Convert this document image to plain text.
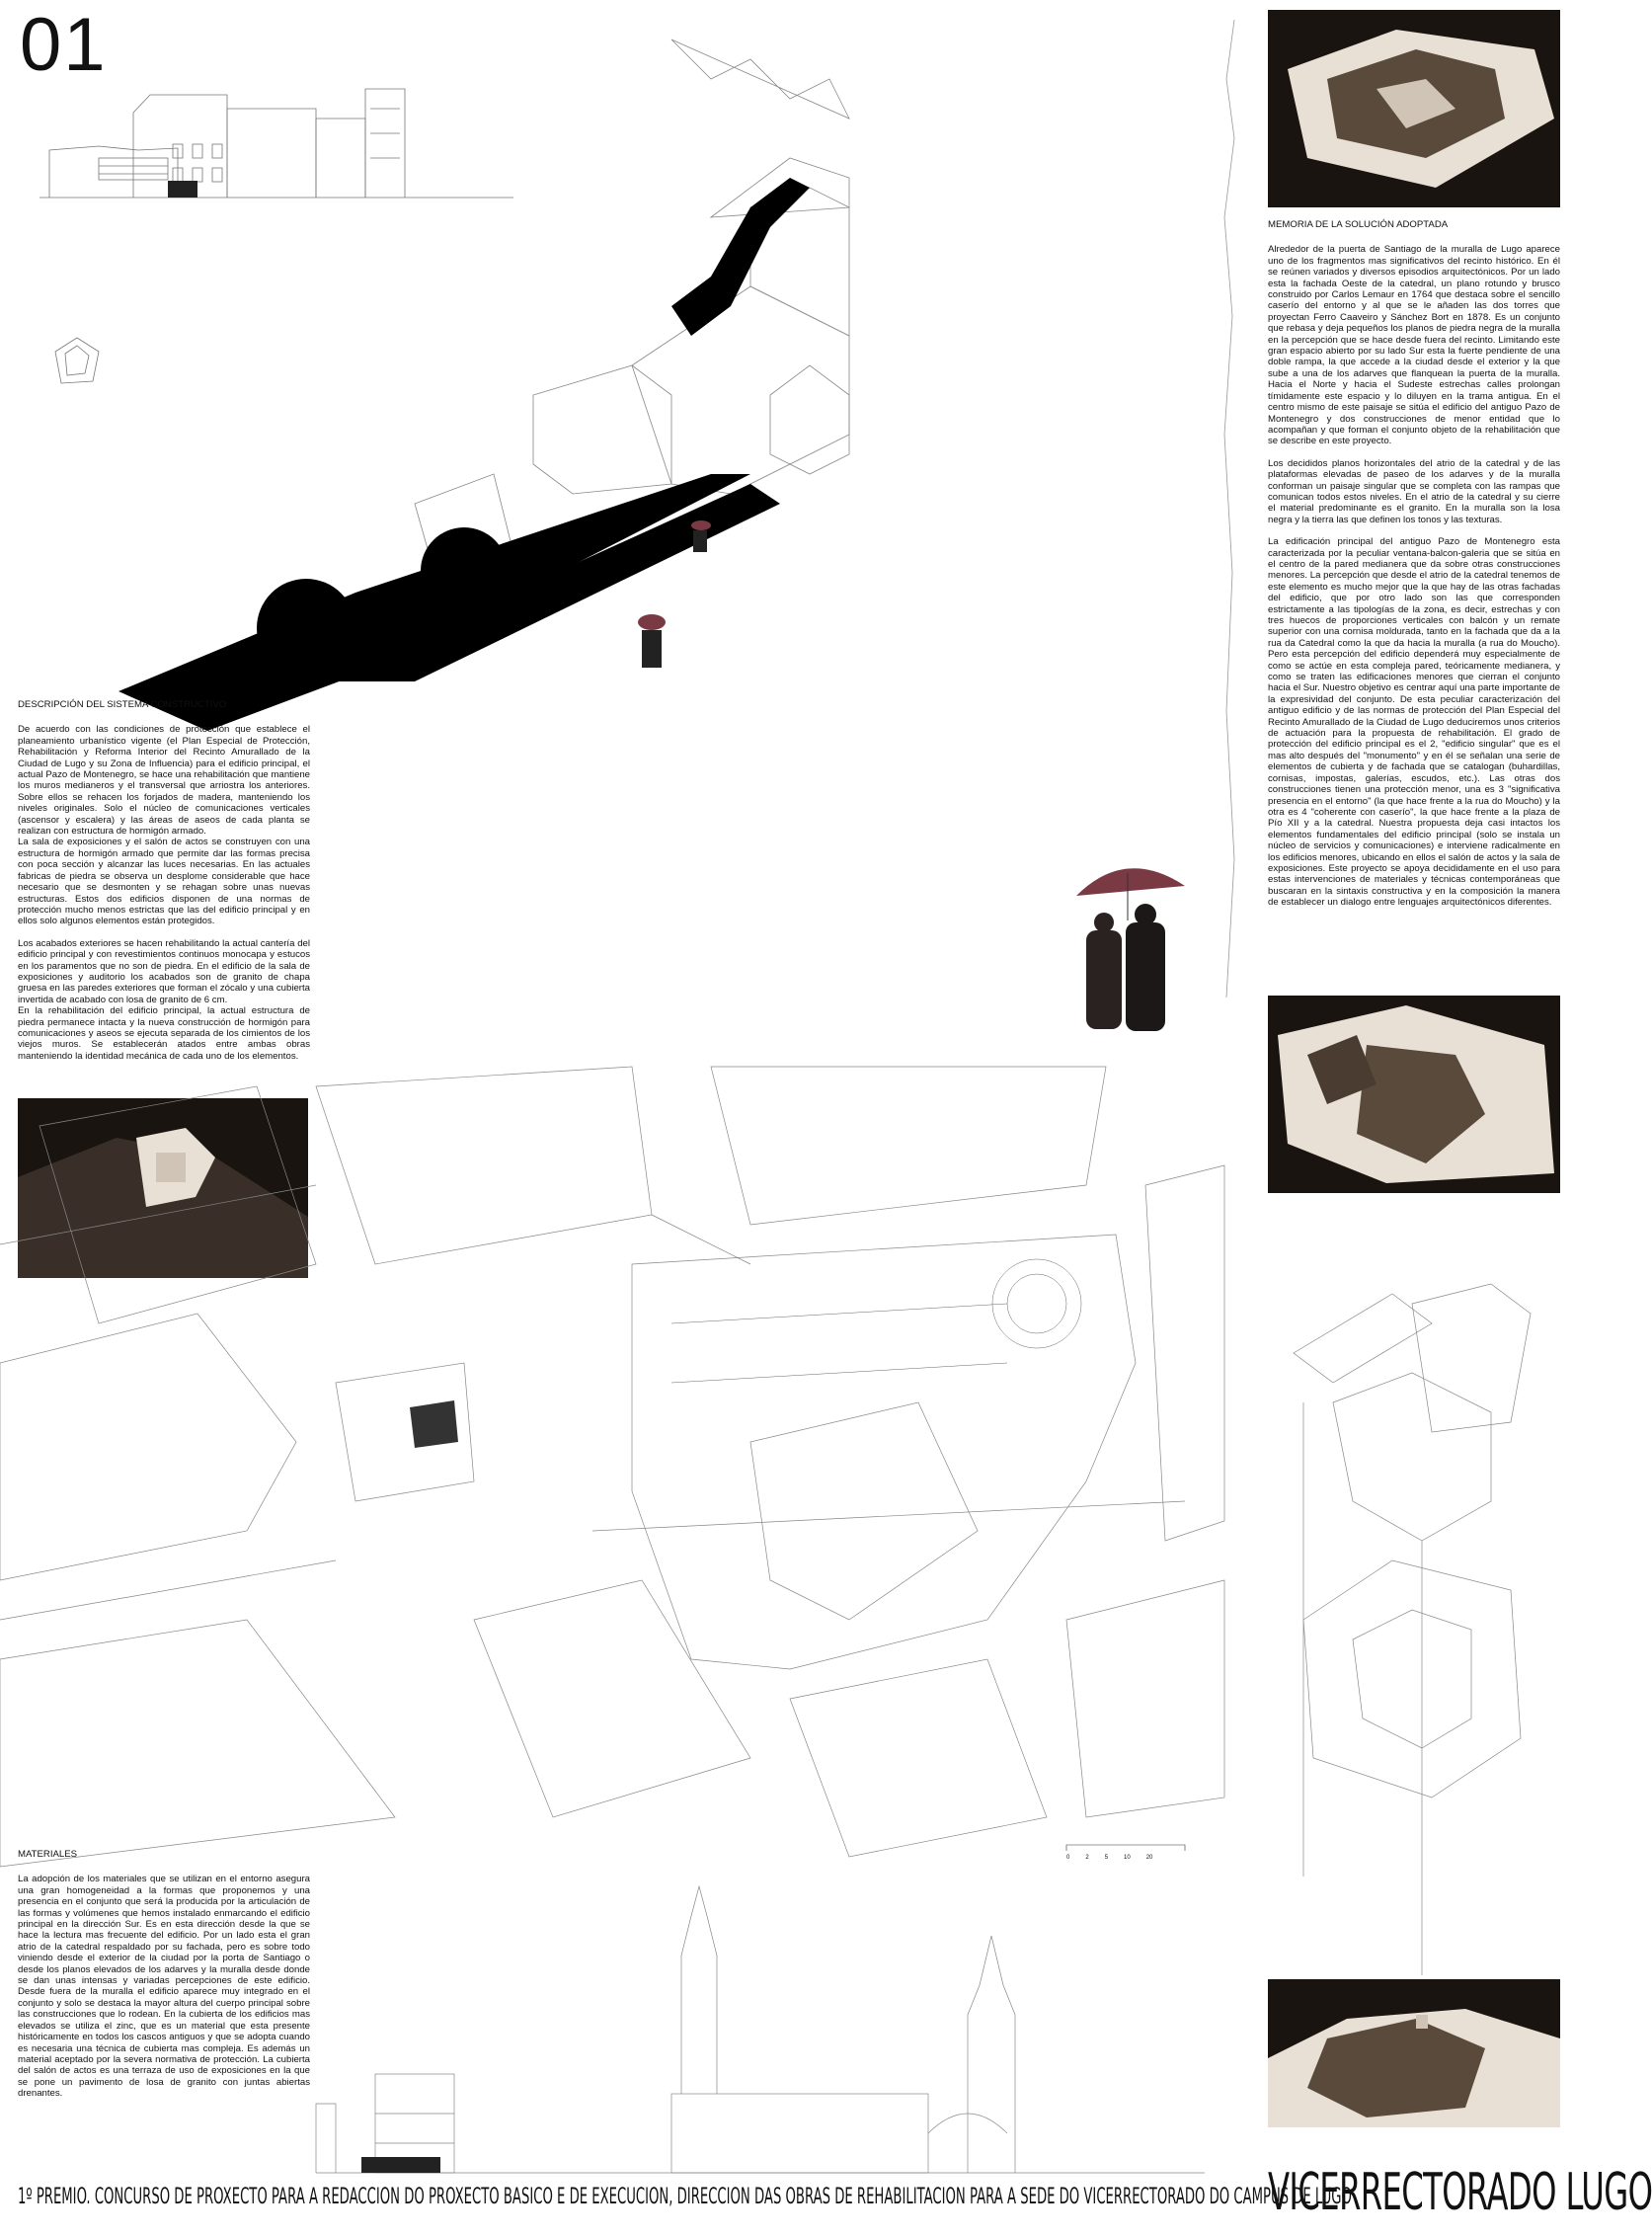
01
MEMORIA DE LA SOLUCIÓN ADOPTADA

Alrededor de la puerta de Santiago de la muralla de Lugo aparece uno de los fragmentos mas significativos del recinto histórico. En él se reúnen variados y diversos episodios arquitectónicos. Por un lado esta la fachada Oeste de la catedral, un plano rotundo y brusco construido por Carlos Lemaur en 1764 que destaca sobre el sencillo caserío del entorno y al que se le añaden las dos torres que proyectan Ferro Caaveiro y Sánchez Bort en 1878. Es un conjunto que rebasa y deja pequeños los planos de piedra negra de la muralla en la percepción que se hace desde fuera del recinto. Limitando este gran espacio abierto por su lado Sur esta la fuerte pendiente de una doble rampa, la que accede a la ciudad desde el exterior y la que sube a una de los adarves que flanquean la puerta de la muralla. Hacia el Norte y hacia el Sudeste estrechas calles prolongan tímidamente este espacio y lo diluyen en la trama antigua. En el centro mismo de este paisaje se sitúa el edificio del antiguo Pazo de Montenegro y dos construcciones de menor entidad que lo acompañan y que forman el conjunto objeto de la rehabilitación que se describe en este proyecto.

Los decididos planos horizontales del atrio de la catedral y de las plataformas elevadas de paseo de los adarves y de la muralla conforman un paisaje singular que se completa con las rampas que comunican todos estos niveles. En el atrio de la catedral y su cierre el material predominante es el granito. En la muralla son la losa negra y la tierra las que definen los tonos y las texturas.

La edificación principal del antiguo Pazo de Montenegro esta caracterizada por la peculiar ventana-balcon-galeria que se sitúa en el centro de la pared medianera que da sobre otras construcciones menores. La percepción que desde el atrio de la catedral tenemos de este elemento es mucho mejor que la que hay de las otras fachadas del edificio, que por otro lado son las que corresponden estrictamente a las tipologías de la zona, es decir, estrechas y con tres huecos de proporciones verticales con balcón y un remate superior con una cornisa moldurada, tanto en la fachada que da a la rua da Catedral como la que da hacia la muralla (a rua do Moucho). Pero esta percepción del edificio dependerá muy especialmente de como se actúe en esta compleja pared, teóricamente medianera, y como se traten las edificaciones menores que cierran el conjunto hacia el Sur. Nuestro objetivo es centrar aquí una parte importante de la expresividad del conjunto. De esta peculiar caracterización del antiguo edificio y de las normas de protección del Plan Especial del Recinto Amurallado de la Ciudad de Lugo deduciremos unos criterios de actuación para la propuesta de rehabilitación. El grado de protección del edificio principal es el 2, "edificio singular" que es el mas alto después del "monumento" y en él se señalan una serie de elementos de cubierta y de fachada que se catalogan (buhardillas, cornisas, impostas, galerías, escudos, etc.). Las otras dos construcciones tienen una protección menor, una es 3 "significativa presencia en el entorno" (la que hace frente a la rua do Moucho) y la otra es 4 "coherente con caserío", la que hace frente a la plaza de Pío XII y a la catedral. Nuestra propuesta deja casi intactos los elementos fundamentales del edificio principal (solo se instala un núcleo de servicios y comunicaciones) e interviene radicalmente en los edificios menores, ubicando en ellos el salón de actos y la sala de exposiciones. Este proyecto se apoya decididamente en el uso para estas intervenciones de materiales y técnicas contemporáneas que buscaran en la sintaxis constructiva y en la composición la manera de establecer un dialogo entre lenguajes arquitectónicos diferentes.

DESCRIPCIÓN DEL SISTEMA CONSTRUCTIVO

De acuerdo con las condiciones de protección que establece el planeamiento urbanístico vigente (el Plan Especial de Protección, Rehabilitación y Reforma Interior del Recinto Amurallado de la Ciudad de Lugo y su Zona de Influencia) para el edificio principal, el actual Pazo de Montenegro, se hace una rehabilitación que mantiene los muros medianeros y el transversal que arriostra los anteriores. Sobre ellos se rehacen los forjados de madera, manteniendo los niveles originales. Solo el núcleo de comunicaciones verticales (ascensor y escalera) y las áreas de aseos de cada planta se realizan con estructura de hormigón armado.
La sala de exposiciones y el salón de actos se construyen con una estructura de hormigón armado que permite dar las formas precisa con poca sección y alcanzar las luces necesarias. En las actuales fabricas de piedra se observa un desplome considerable que hace necesario que se desmonten y se rehagan sobre unas nuevas estructuras. Estos dos edificios disponen de una normas de protección mucho menos estrictas que las del edificio principal y en ellos solo algunos elementos están protegidos.

Los acabados exteriores se hacen rehabilitando la actual cantería del edificio principal y con revestimientos continuos monocapa y estucos en los paramentos que no son de piedra. En el edificio de la sala de exposiciones y auditorio los acabados son de granito de chapa gruesa en las paredes exteriores que forman el zócalo y una cubierta invertida de acabado con losa de granito de 6 cm.
En la rehabilitación del edificio principal, la actual estructura de piedra permanece intacta y la nueva construcción de hormigón para comunicaciones y aseos se ejecuta separada de los cimientos de los viejos muros. Se establecerán atados entre ambas obras manteniendo la identidad mecánica de cada uno de los elementos.

0	2	5	10	20
MATERIALES

La adopción de los materiales que se utilizan en el entorno asegura una gran homogeneidad a la formas que proponemos y una presencia en el conjunto que será la producida por la articulación de las formas y volúmenes que hemos instalado enmarcando el edificio principal en la dirección Sur. Es en esta dirección desde la que se hace la lectura mas frecuente del edificio. Por un lado esta el gran atrio de la catedral respaldado por su fachada, pero es sobre todo viniendo desde el exterior de la ciudad por la porta de Santiago o desde los planos elevados de los adarves y la muralla desde donde se dan unas intensas y variadas percepciones de este edificio. Desde fuera de la muralla el edificio aparece muy integrado en el conjunto y solo se destaca la mayor altura del cuerpo principal sobre las construcciones que lo rodean. En la cubierta de los edificios mas elevados se utiliza el zinc, que es un material que esta presente históricamente en todos los cascos antiguos y que se adopta cuando es necesaria una técnica de cubierta mas compleja. Es además un material aceptado por la severa normativa de protección. La cubierta del salón de actos es una terraza de uso de exposiciones en la que se pone un pavimento de losa de granito con juntas abiertas drenantes.

1º PREMIO. CONCURSO DE PROXECTO PARA A REDACCION DO PROXECTO BASICO E DE EXECUCION, DIRECCION DAS OBRAS DE REHABILITACION PARA A SEDE DO VICERRECTORADO DO CAMPUS DE LUGO
VICERRECTORADO LUGO
